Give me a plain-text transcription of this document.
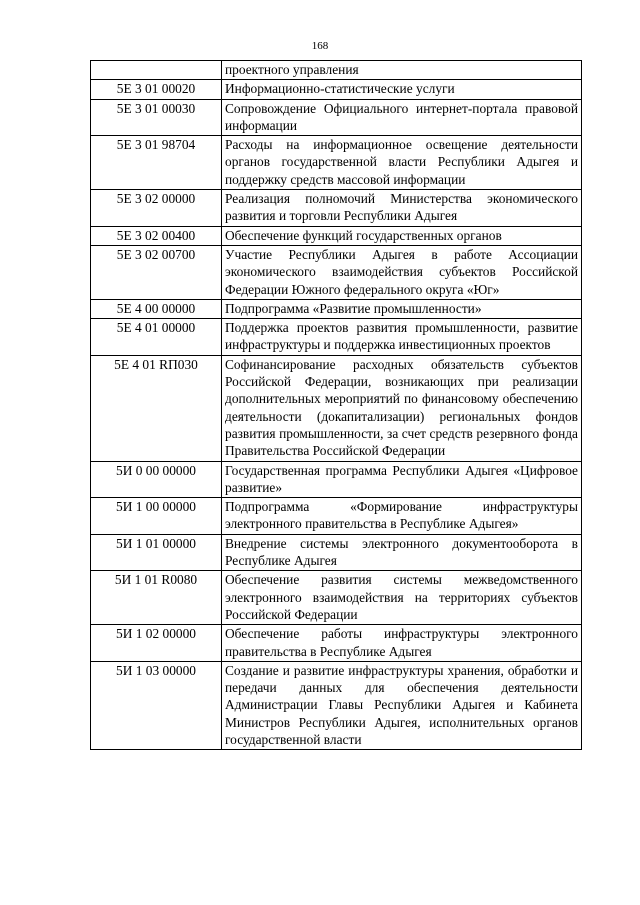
168
	проектного управления
5Е 3 01 00020	Информационно-статистические услуги
5Е 3 01 00030	Сопровождение Официального интернет-портала правовой информации
5Е 3 01 98704	Расходы на информационное освещение деятельности органов государственной власти Республики Адыгея и поддержку средств массовой информации
5Е 3 02 00000	Реализация полномочий Министерства экономического развития и торговли Республики Адыгея
5Е 3 02 00400	Обеспечение функций государственных органов
5Е 3 02 00700	Участие Республики Адыгея в работе Ассоциации экономического взаимодействия субъектов Российской Федерации Южного федерального округа «Юг»
5Е 4 00 00000	Подпрограмма «Развитие промышленности»
5Е 4 01 00000	Поддержка проектов развития промышленности, развитие инфраструктуры и поддержка инвестиционных проектов
5Е 4 01 RП030	Софинансирование расходных обязательств субъектов Российской Федерации, возникающих при реализации дополнительных мероприятий по финансовому обеспечению деятельности (докапитализации) региональных фондов развития промышленности, за счет средств резервного фонда Правительства Российской Федерации
5И 0 00 00000	Государственная программа Республики Адыгея «Цифровое развитие»
5И 1 00 00000	Подпрограмма «Формирование инфраструктуры электронного правительства в Республике Адыгея»
5И 1 01 00000	Внедрение системы электронного документооборота в Республике Адыгея
5И 1 01 R0080	Обеспечение развития системы межведомственного электронного взаимодействия на территориях субъектов Российской Федерации
5И 1 02 00000	Обеспечение работы инфраструктуры электронного правительства в Республике Адыгея
5И 1 03 00000	Создание и развитие инфраструктуры хранения, обработки и передачи данных для обеспечения деятельности Администрации Главы Республики Адыгея и Кабинета Министров Республики Адыгея, исполнительных органов государственной власти
